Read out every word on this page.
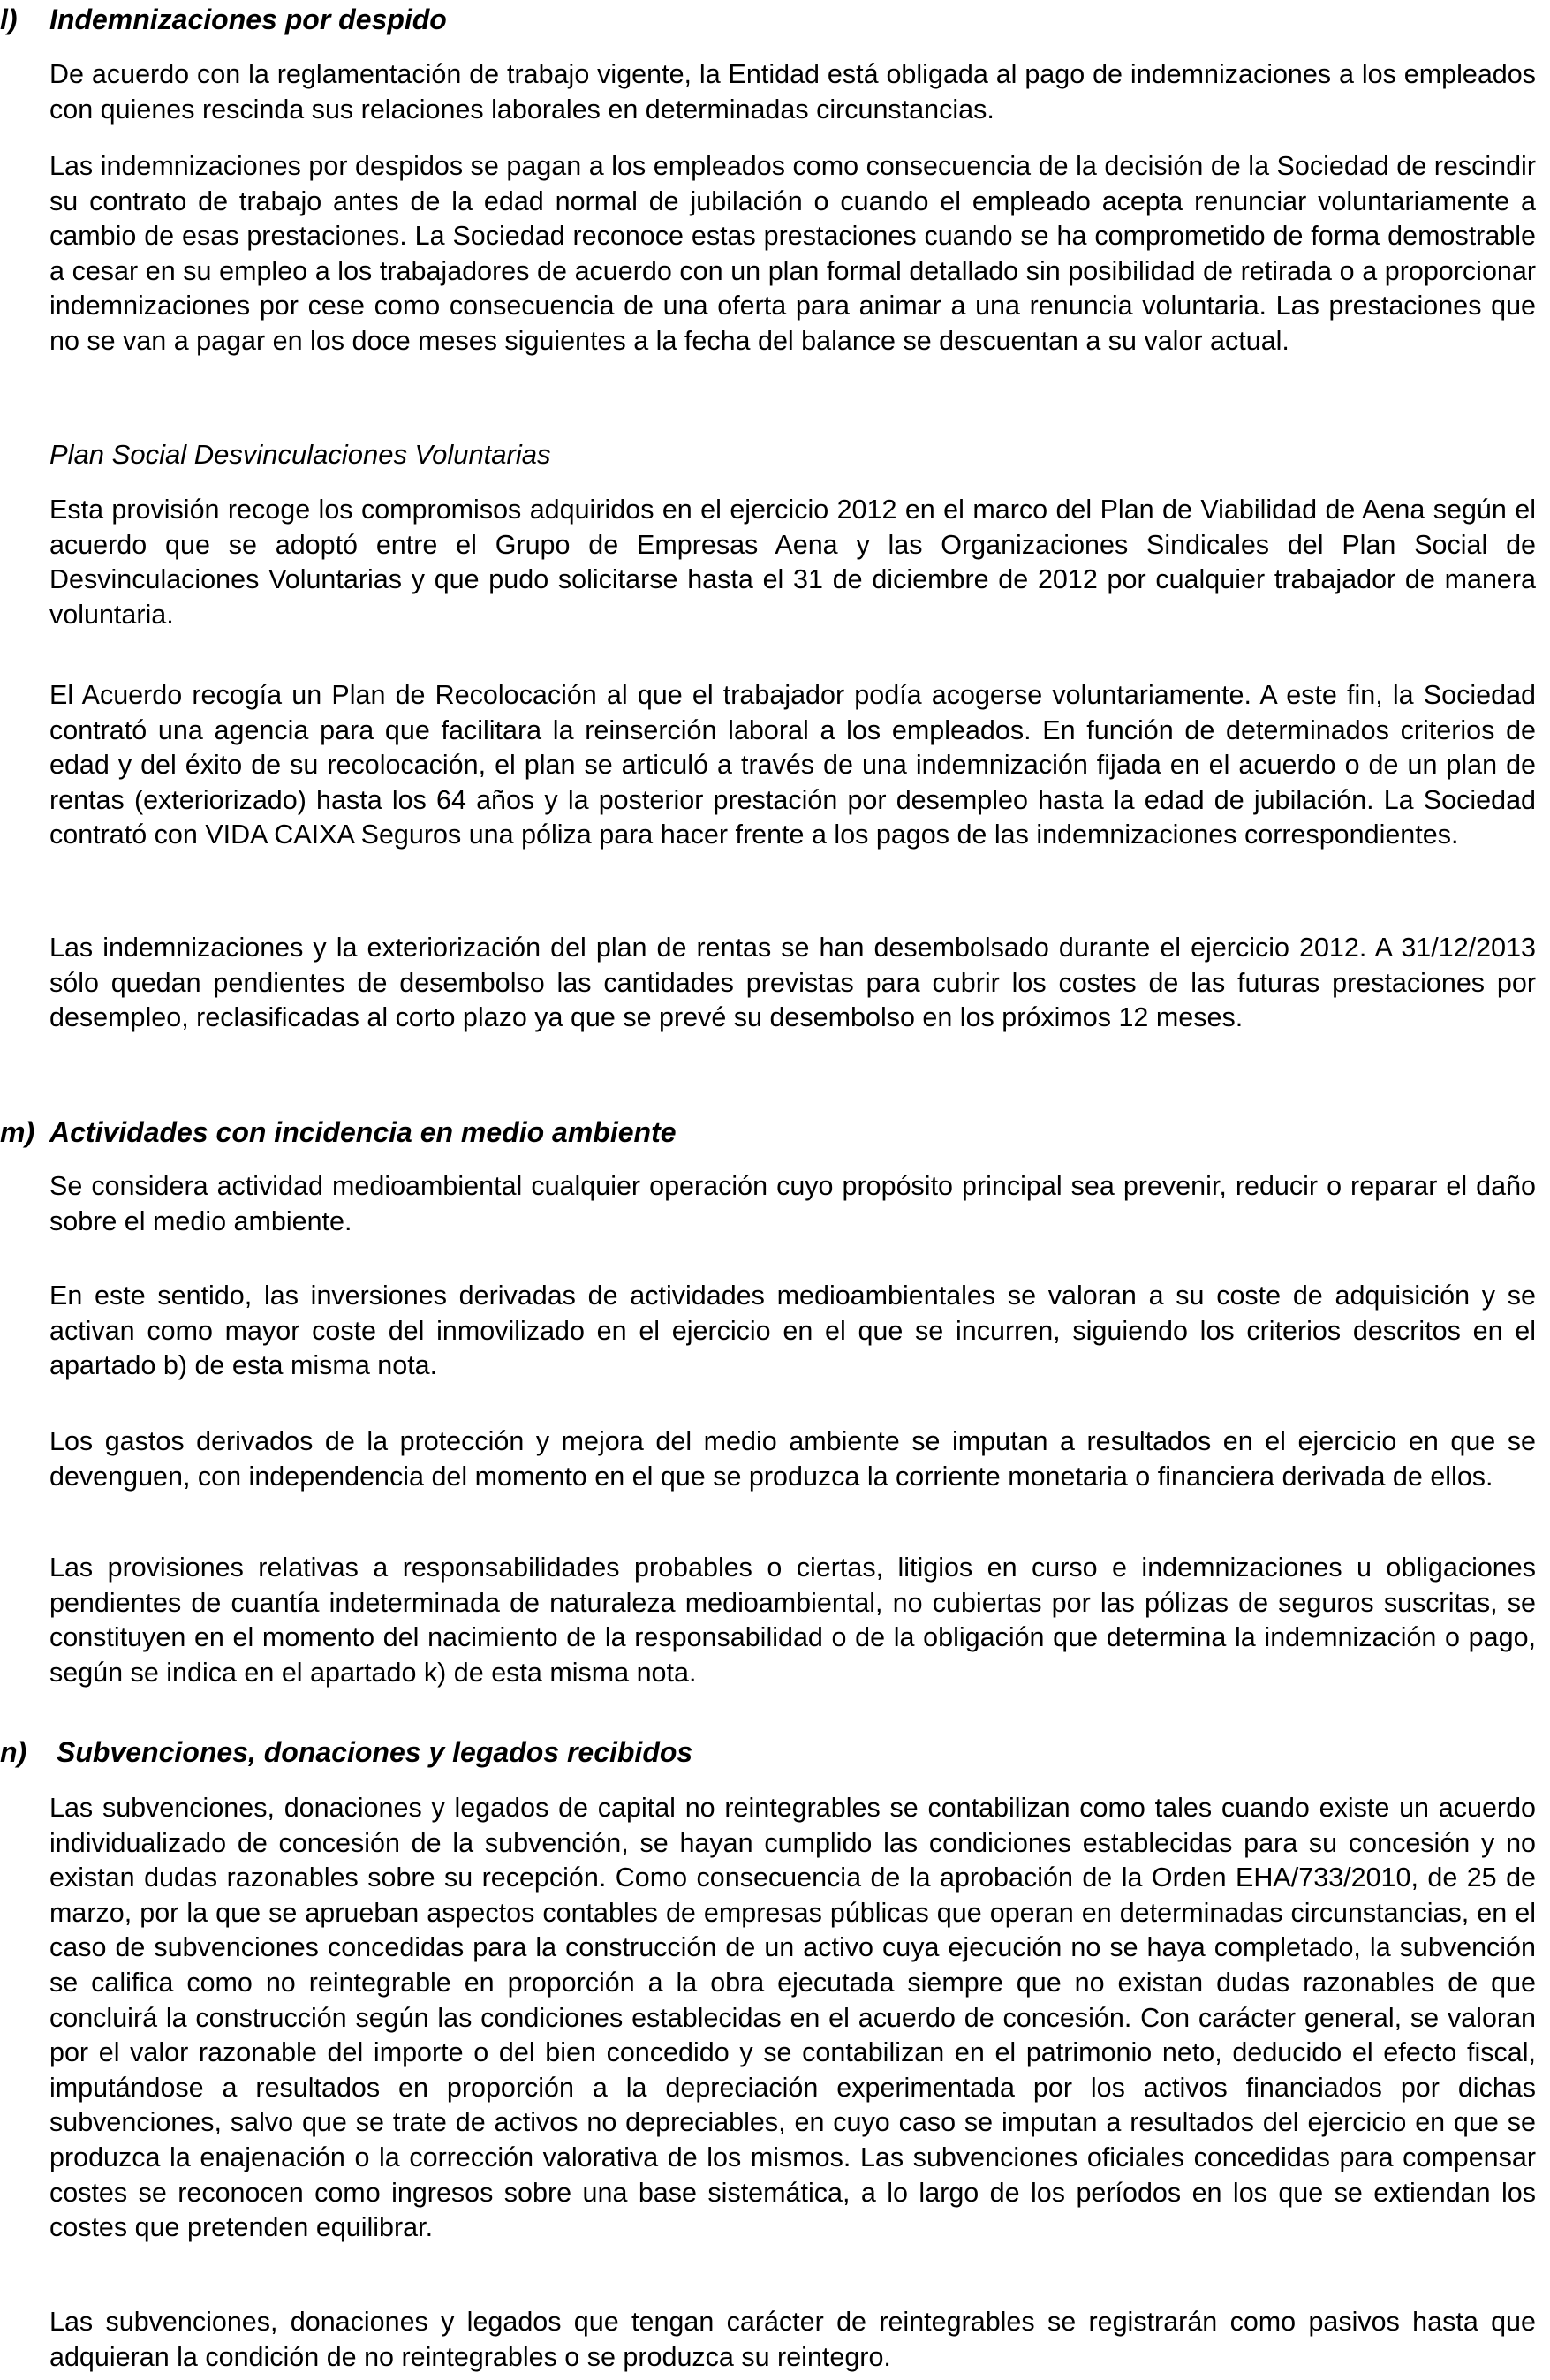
l) Indemnizaciones por despido

De acuerdo con la reglamentación de trabajo vigente, la Entidad está obligada al pago de indemnizaciones a los empleados con quienes rescinda sus relaciones laborales en determinadas circunstancias.

Las indemnizaciones por despidos se pagan a los empleados como consecuencia de la decisión de la Sociedad de rescindir su contrato de trabajo antes de la edad normal de jubilación o cuando el empleado acepta renunciar voluntariamente a cambio de esas prestaciones. La Sociedad reconoce estas prestaciones cuando se ha comprometido de forma demostrable a cesar en su empleo a los trabajadores de acuerdo con un plan formal detallado sin posibilidad de retirada o a proporcionar indemnizaciones por cese como consecuencia de una oferta para animar a una renuncia voluntaria. Las prestaciones que no se van a pagar en los doce meses siguientes a la fecha del balance se descuentan a su valor actual.

Plan Social Desvinculaciones Voluntarias

Esta provisión recoge los compromisos adquiridos en el ejercicio 2012 en el marco del Plan de Viabilidad de Aena según el acuerdo que se adoptó entre el Grupo de Empresas Aena y las Organizaciones Sindicales del Plan Social de Desvinculaciones Voluntarias y que pudo solicitarse hasta el 31 de diciembre de 2012 por cualquier trabajador de manera voluntaria.

El Acuerdo recogía un Plan de Recolocación al que el trabajador podía acogerse voluntariamente. A este fin, la Sociedad contrató una agencia para que facilitara la reinserción laboral a los empleados. En función de determinados criterios de edad y del éxito de su recolocación, el plan se articuló a través de una indemnización fijada en el acuerdo o de un plan de rentas (exteriorizado) hasta los 64 años y la posterior prestación por desempleo hasta la edad de jubilación. La Sociedad contrató con VIDA CAIXA Seguros una póliza para hacer frente a los pagos de las indemnizaciones correspondientes.

Las indemnizaciones y la exteriorización del plan de rentas se han desembolsado durante el ejercicio 2012. A 31/12/2013 sólo quedan pendientes de desembolso las cantidades previstas para cubrir los costes de las futuras prestaciones por desempleo, reclasificadas al corto plazo ya que se prevé su desembolso en los próximos 12 meses.

m) Actividades con incidencia en medio ambiente

Se considera actividad medioambiental cualquier operación cuyo propósito principal sea prevenir, reducir o reparar el daño sobre el medio ambiente.

En este sentido, las inversiones derivadas de actividades medioambientales se valoran a su coste de adquisición y se activan como mayor coste del inmovilizado en el ejercicio en el que se incurren, siguiendo los criterios descritos en el apartado b) de esta misma nota.

Los gastos derivados de la protección y mejora del medio ambiente se imputan a resultados en el ejercicio en que se devenguen, con independencia del momento en el que se produzca la corriente monetaria o financiera derivada de ellos.

Las provisiones relativas a responsabilidades probables o ciertas, litigios en curso e indemnizaciones u obligaciones pendientes de cuantía indeterminada de naturaleza medioambiental, no cubiertas por las pólizas de seguros suscritas, se constituyen en el momento del nacimiento de la responsabilidad o de la obligación que determina la indemnización o pago, según se indica en el apartado k) de esta misma nota.

n) Subvenciones, donaciones y legados recibidos

Las subvenciones, donaciones y legados de capital no reintegrables se contabilizan como tales cuando existe un acuerdo individualizado de concesión de la subvención, se hayan cumplido las condiciones establecidas para su concesión y no existan dudas razonables sobre su recepción. Como consecuencia de la aprobación de la Orden EHA/733/2010, de 25 de marzo, por la que se aprueban aspectos contables de empresas públicas que operan en determinadas circunstancias, en el caso de subvenciones concedidas para la construcción de un activo cuya ejecución no se haya completado, la subvención se califica como no reintegrable en proporción a la obra ejecutada siempre que no existan dudas razonables de que concluirá la construcción según las condiciones establecidas en el acuerdo de concesión. Con carácter general, se valoran por el valor razonable del importe o del bien concedido y se contabilizan en el patrimonio neto, deducido el efecto fiscal, imputándose a resultados en proporción a la depreciación experimentada por los activos financiados por dichas subvenciones, salvo que se trate de activos no depreciables, en cuyo caso se imputan a resultados del ejercicio en que se produzca la enajenación o la corrección valorativa de los mismos. Las subvenciones oficiales concedidas para compensar costes se reconocen como ingresos sobre una base sistemática, a lo largo de los períodos en los que se extiendan los costes que pretenden equilibrar.

Las subvenciones, donaciones y legados que tengan carácter de reintegrables se registrarán como pasivos hasta que adquieran la condición de no reintegrables o se produzca su reintegro.
